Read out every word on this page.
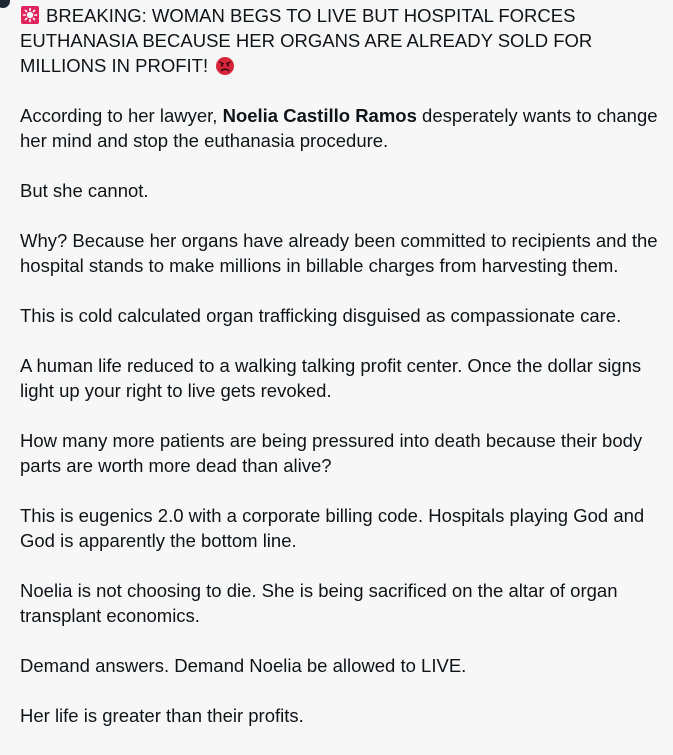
BREAKING: WOMAN BEGS TO LIVE BUT HOSPITAL FORCES EUTHANASIA BECAUSE HER ORGANS ARE ALREADY SOLD FOR MILLIONS IN PROFIT!

According to her lawyer, Noelia Castillo Ramos desperately wants to change her mind and stop the euthanasia procedure.

But she cannot.

Why? Because her organs have already been committed to recipients and the hospital stands to make millions in billable charges from harvesting them.

This is cold calculated organ trafficking disguised as compassionate care.

A human life reduced to a walking talking profit center. Once the dollar signs light up your right to live gets revoked.

How many more patients are being pressured into death because their body parts are worth more dead than alive?

This is eugenics 2.0 with a corporate billing code. Hospitals playing God and God is apparently the bottom line.

Noelia is not choosing to die. She is being sacrificed on the altar of organ transplant economics.

Demand answers. Demand Noelia be allowed to LIVE.

Her life is greater than their profits.
